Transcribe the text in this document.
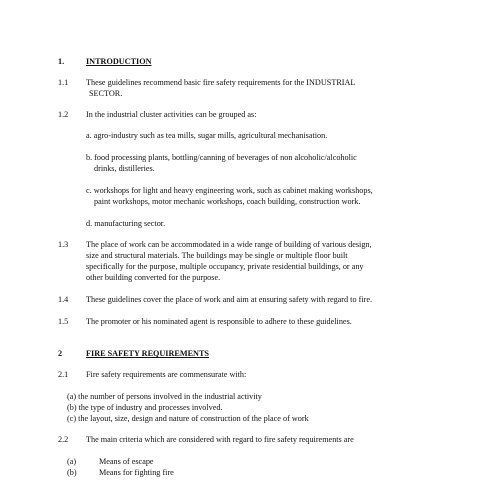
1.	INTRODUCTION
1.1 These guidelines recommend basic fire safety requirements for the INDUSTRIAL
SECTOR.
1.2 In the industrial cluster activities can be grouped as:
a. agro-industry such as tea mills, sugar mills, agricultural mechanisation.
b. food processing plants, bottling/canning of beverages of non alcoholic/alcoholic
drinks, distilleries.
c. workshops for light and heavy engineering work, such as cabinet making workshops,
paint workshops, motor mechanic workshops, coach building, construction work.
d. manufacturing sector.
1.3 The place of work can be accommodated in a wide range of building of various design,
size and structural materials. The buildings may be single or multiple floor built
specifically for the purpose, multiple occupancy, private residential buildings, or any
other building converted for the purpose.
1.4 These guidelines cover the place of work and aim at ensuring safety with regard to fire.
1.5 The promoter or his nominated agent is responsible to adhere to these guidelines.
2	FIRE SAFETY REQUIREMENTS
2.1 Fire safety requirements are commensurate with:
(a) the number of persons involved in the industrial activity
(b) the type of industry and processes involved.
(c) the layout, size, design and nature of construction of the place of work
2.2 The main criteria which are considered with regard to fire safety requirements are
(a)	Means of escape
(b)	Means for fighting fire
